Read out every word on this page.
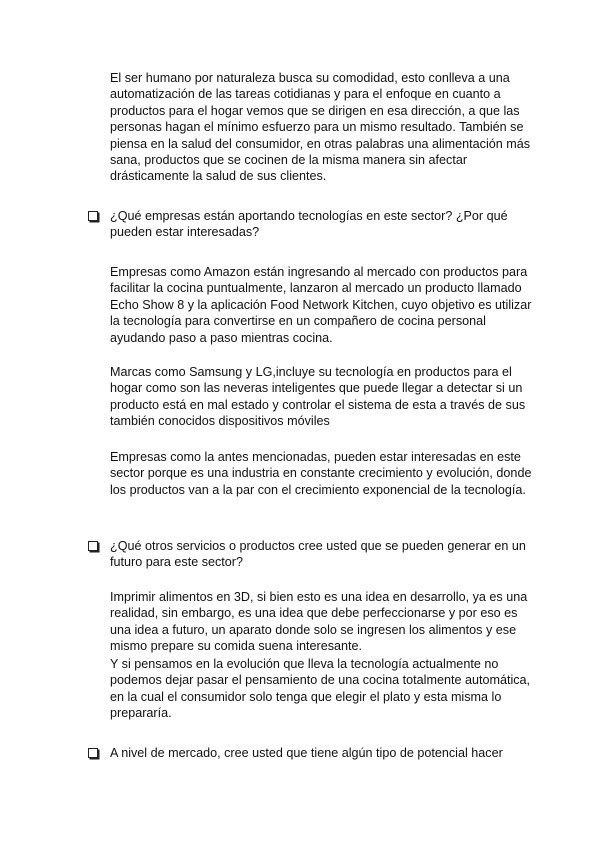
El ser humano por naturaleza busca su comodidad, esto conlleva a una automatización de las tareas cotidianas y para el enfoque en cuanto a productos para el hogar vemos que se dirigen en esa dirección, a que las personas hagan el mínimo esfuerzo para un mismo resultado. También se piensa en la salud del consumidor, en otras palabras una alimentación más sana, productos que se cocinen de la misma manera sin afectar drásticamente la salud de sus clientes.

¿Qué empresas están aportando tecnologías en este sector? ¿Por qué pueden estar interesadas?

Empresas como Amazon están ingresando al mercado con productos para facilitar la cocina puntualmente, lanzaron al mercado un producto llamado Echo Show 8 y la aplicación Food Network Kitchen, cuyo objetivo es utilizar la tecnología para convertirse en un compañero de cocina personal ayudando paso a paso mientras cocina.

Marcas como Samsung y LG,incluye su tecnología en productos para el hogar como son las neveras inteligentes que puede llegar a detectar si un producto está en mal estado y controlar el sistema de esta a través de sus también conocidos dispositivos móviles

Empresas como la antes mencionadas, pueden estar interesadas en este sector porque es una industria en constante crecimiento y evolución, donde los productos van a la par con el crecimiento exponencial de la tecnología.

¿Qué otros servicios o productos cree usted que se pueden generar en un futuro para este sector?

Imprimir alimentos en 3D, si bien esto es una idea en desarrollo, ya es una realidad, sin embargo, es una idea que debe perfeccionarse y por eso es una idea a futuro, un aparato donde solo se ingresen los alimentos y ese mismo prepare su comida suena interesante.

Y si pensamos en la evolución que lleva la tecnología actualmente no podemos dejar pasar el pensamiento de una cocina totalmente automática, en la cual el consumidor solo tenga que elegir el plato y esta misma lo prepararía.

A nivel de mercado, cree usted que tiene algún tipo de potencial hacer
